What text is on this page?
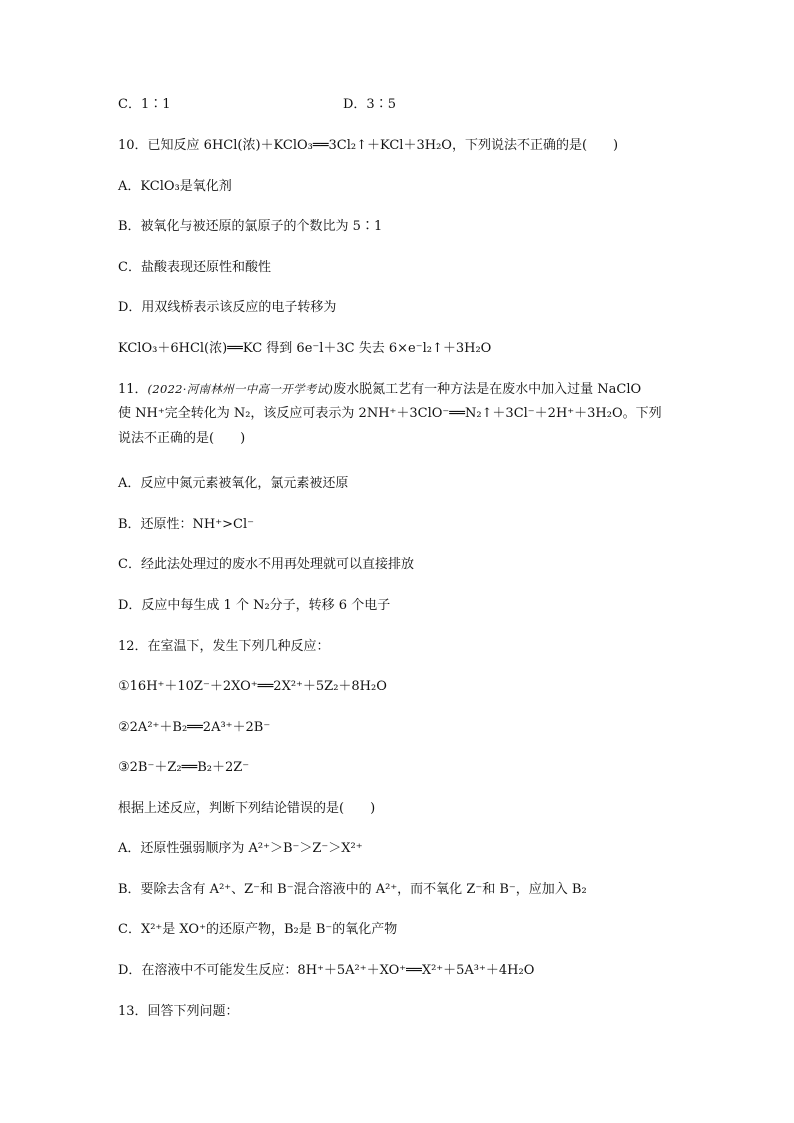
C．1∶1	D．3∶5
10．已知反应 6HCl(浓)＋KClO₃══3Cl₂↑＋KCl＋3H₂O，下列说法不正确的是(　　)
A．KClO₃是氧化剂
B．被氧化与被还原的氯原子的个数比为 5∶1
C．盐酸表现还原性和酸性
D．用双线桥表示该反应的电子转移为
KClO₃＋6HCl(浓)══KC 得到 6e⁻l＋3C 失去 6×e⁻l₂↑＋3H₂O
11．(2022·河南林州一中高一开学考试)废水脱氮工艺有一种方法是在废水中加入过量 NaClO
使 NH⁺完全转化为 N₂，该反应可表示为 2NH⁺＋3ClO⁻══N₂↑＋3Cl⁻＋2H⁺＋3H₂O。下列
说法不正确的是(　　)
A．反应中氮元素被氧化，氯元素被还原
B．还原性：NH⁺>Cl⁻
C．经此法处理过的废水不用再处理就可以直接排放
D．反应中每生成 1 个 N₂分子，转移 6 个电子
12．在室温下，发生下列几种反应：
①16H⁺＋10Z⁻＋2XO⁺══2X²⁺＋5Z₂＋8H₂O
②2A²⁺＋B₂══2A³⁺＋2B⁻
③2B⁻＋Z₂══B₂＋2Z⁻
根据上述反应，判断下列结论错误的是(　　)
A．还原性强弱顺序为 A²⁺＞B⁻＞Z⁻＞X²⁺
B．要除去含有 A²⁺、Z⁻和 B⁻混合溶液中的 A²⁺，而不氧化 Z⁻和 B⁻，应加入 B₂
C．X²⁺是 XO⁺的还原产物，B₂是 B⁻的氧化产物
D．在溶液中不可能发生反应：8H⁺＋5A²⁺＋XO⁺══X²⁺＋5A³⁺＋4H₂O
13．回答下列问题：
